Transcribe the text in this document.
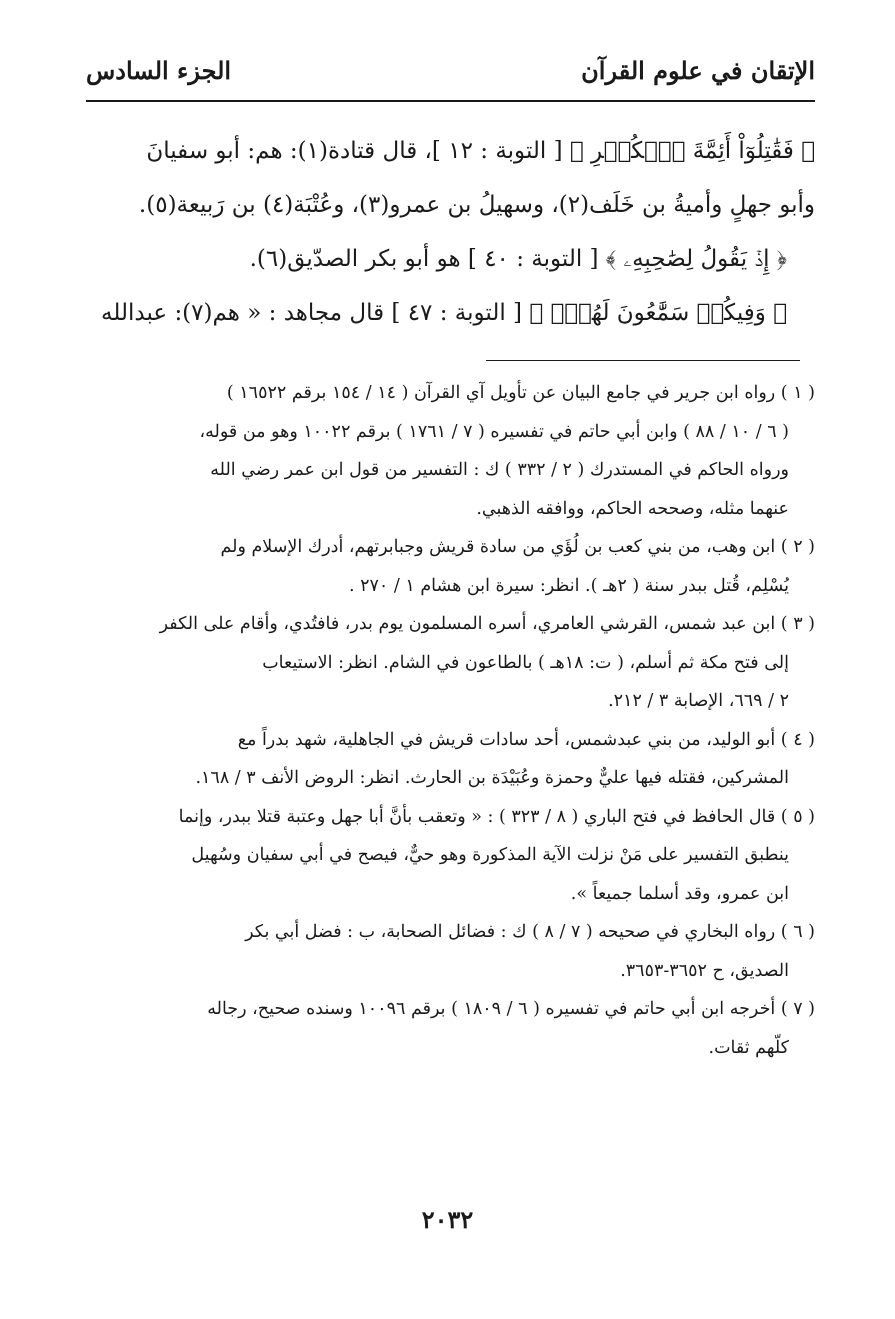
الإتقان في علوم القرآن
الجزء السادس
﴿ فَقَٰتِلُوٓاْ أَئِمَّةَ ٱلۡكُفۡرِ ﴾ [ التوبة : ١٢ ]، قال قتادة(١): هم: أبو سفيانَ
وأبو جهلٍ وأميةُ بن خَلَف(٢)، وسهيلُ بن عمرو(٣)، وعُتْبَة(٤) بن رَبيعة(٥).
﴿ إِذۡ يَقُولُ لِصَٰحِبِهِۦ ﴾ [ التوبة : ٤٠ ] هو أبو بكر الصدّيق(٦).
﴿ وَفِيكُمۡ سَمَّٰعُونَ لَهُمۡۗ ﴾ [ التوبة : ٤٧ ] قال مجاهد : « هم(٧): عبدالله
( ١ ) رواه ابن جرير في جامع البيان عن تأويل آي القرآن ( ١٤ / ١٥٤ برقم ١٦٥٢٢ )
( ٦ / ١٠ / ٨٨ ) وابن أبي حاتم في تفسيره ( ٧ / ١٧٦١ ) برقم ١٠٠٢٢ وهو من قوله،
ورواه الحاكم في المستدرك ( ٢ / ٣٣٢ ) ك : التفسير من قول ابن عمر رضي الله
عنهما مثله، وصححه الحاكم، ووافقه الذهبي.
( ٢ ) ابن وهب، من بني كعب بن لُؤَي من سادة قريش وجبابرتهم، أدرك الإسلام ولم
يُسْلِم، قُتل ببدر سنة ( ٢هـ ). انظر: سيرة ابن هشام ١ / ٢٧٠ .
( ٣ ) ابن عبد شمس، القرشي العامري، أسره المسلمون يوم بدر، فافتُدي، وأقام على الكفر
إلى فتح مكة ثم أسلم، ( ت: ١٨هـ ) بالطاعون في الشام. انظر: الاستيعاب
٢ / ٦٦٩، الإصابة ٣ / ٢١٢.
( ٤ ) أبو الوليد، من بني عبدشمس، أحد سادات قريش في الجاهلية، شهد بدراً مع
المشركين، فقتله فيها عليٌّ وحمزة وعُبَيْدَة بن الحارث. انظر: الروض الأنف ٣ / ١٦٨.
( ٥ ) قال الحافظ في فتح الباري ( ٨ / ٣٢٣ ) : « وتعقب بأنَّ أبا جهل وعتبة قتلا ببدر، وإنما
ينطبق التفسير على مَنْ نزلت الآية المذكورة وهو حيٌّ، فيصح في أبي سفيان وسُهيل
ابن عمرو، وقد أسلما جميعاً ».
( ٦ ) رواه البخاري في صحيحه ( ٧ / ٨ ) ك : فضائل الصحابة، ب : فضل أبي بكر
الصديق، ح ٣٦٥٢-٣٦٥٣.
( ٧ ) أخرجه ابن أبي حاتم في تفسيره ( ٦ / ١٨٠٩ ) برقم ١٠٠٩٦ وسنده صحيح، رجاله
كلّهم ثقات.
٢٠٣٢
